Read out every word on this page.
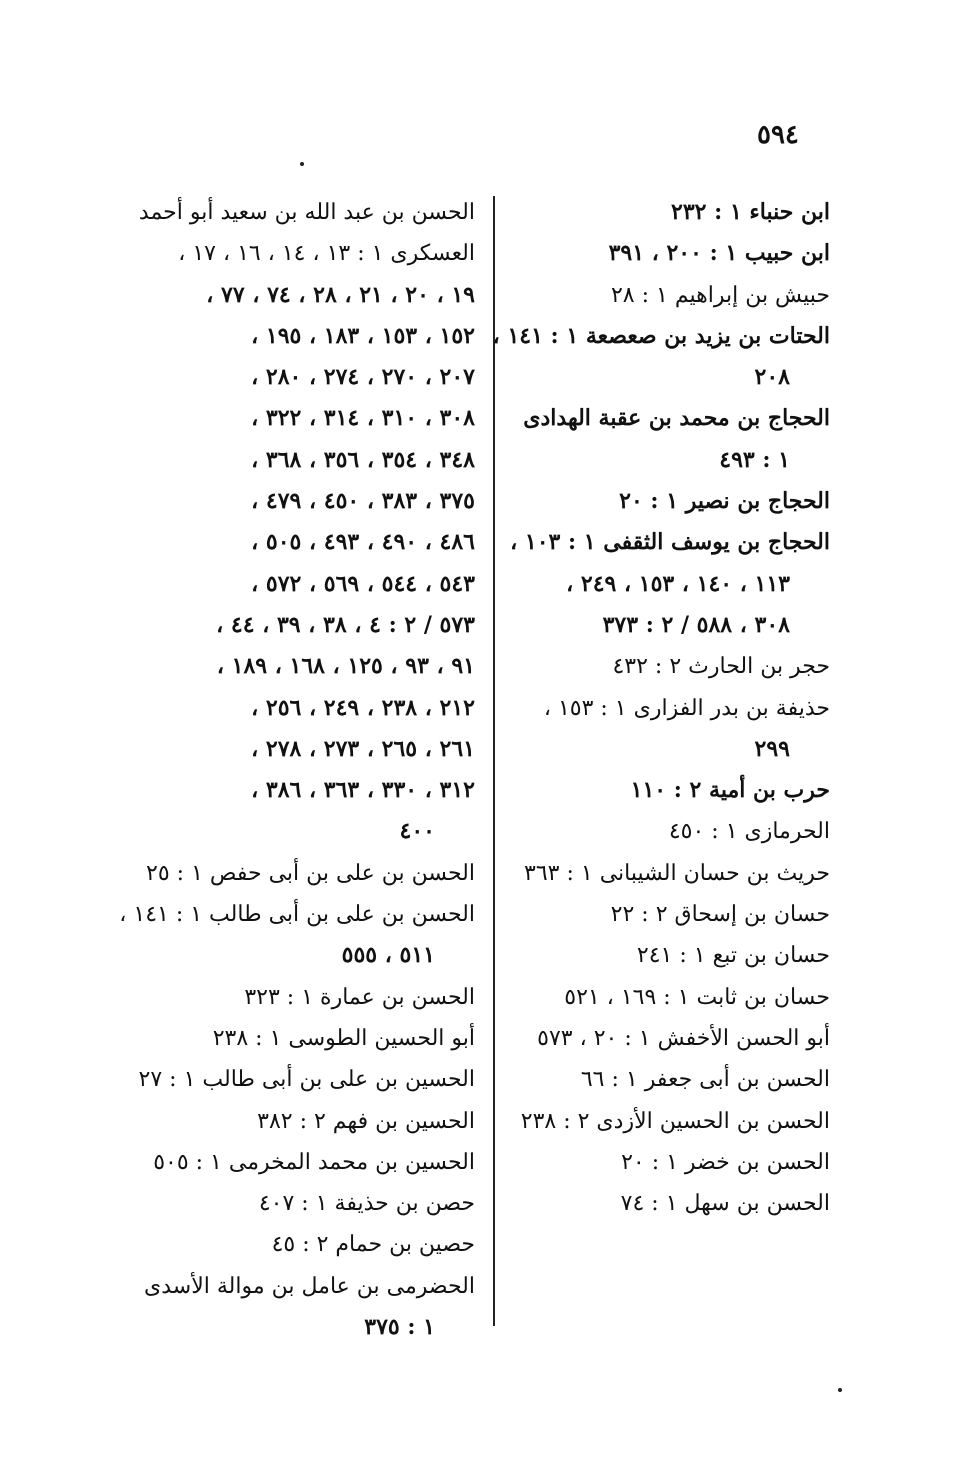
٥٩٤
ابن حنباء ١ : ٢٣٢
ابن حبيب ١ : ٢٠٠ ، ٣٩١
حبيش بن إبراهيم ١ : ٢٨
الحتات بن يزيد بن صعصعة ١ : ١٤١ ،
٢٠٨
الحجاج بن محمد بن عقبة الهدادى
١ : ٤٩٣
الحجاج بن نصير ١ : ٢٠
الحجاج بن يوسف الثقفى ١ : ١٠٣ ،
١١٣ ، ١٤٠ ، ١٥٣ ، ٢٤٩ ،
٣٠٨ ، ٥٨٨ / ٢ : ٣٧٣
حجر بن الحارث ٢ : ٤٣٢
حذيفة بن بدر الفزارى ١ : ١٥٣ ،
٢٩٩
حرب بن أمية ٢ : ١١٠
الحرمازى ١ : ٤٥٠
حريث بن حسان الشيبانى ١ : ٣٦٣
حسان بن إسحاق ٢ : ٢٢
حسان بن تبع ١ : ٢٤١
حسان بن ثابت ١ : ١٦٩ ، ٥٢١
أبو الحسن الأخفش ١ : ٢٠ ، ٥٧٣
الحسن بن أبى جعفر ١ : ٦٦
الحسن بن الحسين الأزدى ٢ : ٢٣٨
الحسن بن خضر ١ : ٢٠
الحسن بن سهل ١ : ٧٤
الحسن بن عبد الله بن سعيد أبو أحمد
العسكرى ١ : ١٣ ، ١٤ ، ١٦ ، ١٧ ،
١٩ ، ٢٠ ، ٢١ ، ٢٨ ، ٧٤ ، ٧٧ ،
١٥٢ ، ١٥٣ ، ١٨٣ ، ١٩٥ ،
٢٠٧ ، ٢٧٠ ، ٢٧٤ ، ٢٨٠ ،
٣٠٨ ، ٣١٠ ، ٣١٤ ، ٣٢٢ ،
٣٤٨ ، ٣٥٤ ، ٣٥٦ ، ٣٦٨ ،
٣٧٥ ، ٣٨٣ ، ٤٥٠ ، ٤٧٩ ،
٤٨٦ ، ٤٩٠ ، ٤٩٣ ، ٥٠٥ ،
٥٤٣ ، ٥٤٤ ، ٥٦٩ ، ٥٧٢ ،
٥٧٣ / ٢ : ٤ ، ٣٨ ، ٣٩ ، ٤٤ ،
٩١ ، ٩٣ ، ١٢٥ ، ١٦٨ ، ١٨٩ ،
٢١٢ ، ٢٣٨ ، ٢٤٩ ، ٢٥٦ ،
٢٦١ ، ٢٦٥ ، ٢٧٣ ، ٢٧٨ ،
٣١٢ ، ٣٣٠ ، ٣٦٣ ، ٣٨٦ ،
٤٠٠
الحسن بن على بن أبى حفص ١ : ٢٥
الحسن بن على بن أبى طالب ١ : ١٤١ ،
٥١١ ، ٥٥٥
الحسن بن عمارة ١ : ٣٢٣
أبو الحسين الطوسى ١ : ٢٣٨
الحسين بن على بن أبى طالب ١ : ٢٧
الحسين بن فهم ٢ : ٣٨٢
الحسين بن محمد المخرمى ١ : ٥٠٥
حصن بن حذيفة ١ : ٤٠٧
حصين بن حمام ٢ : ٤٥
الحضرمى بن عامل بن موالة الأسدى
١ : ٣٧٥
